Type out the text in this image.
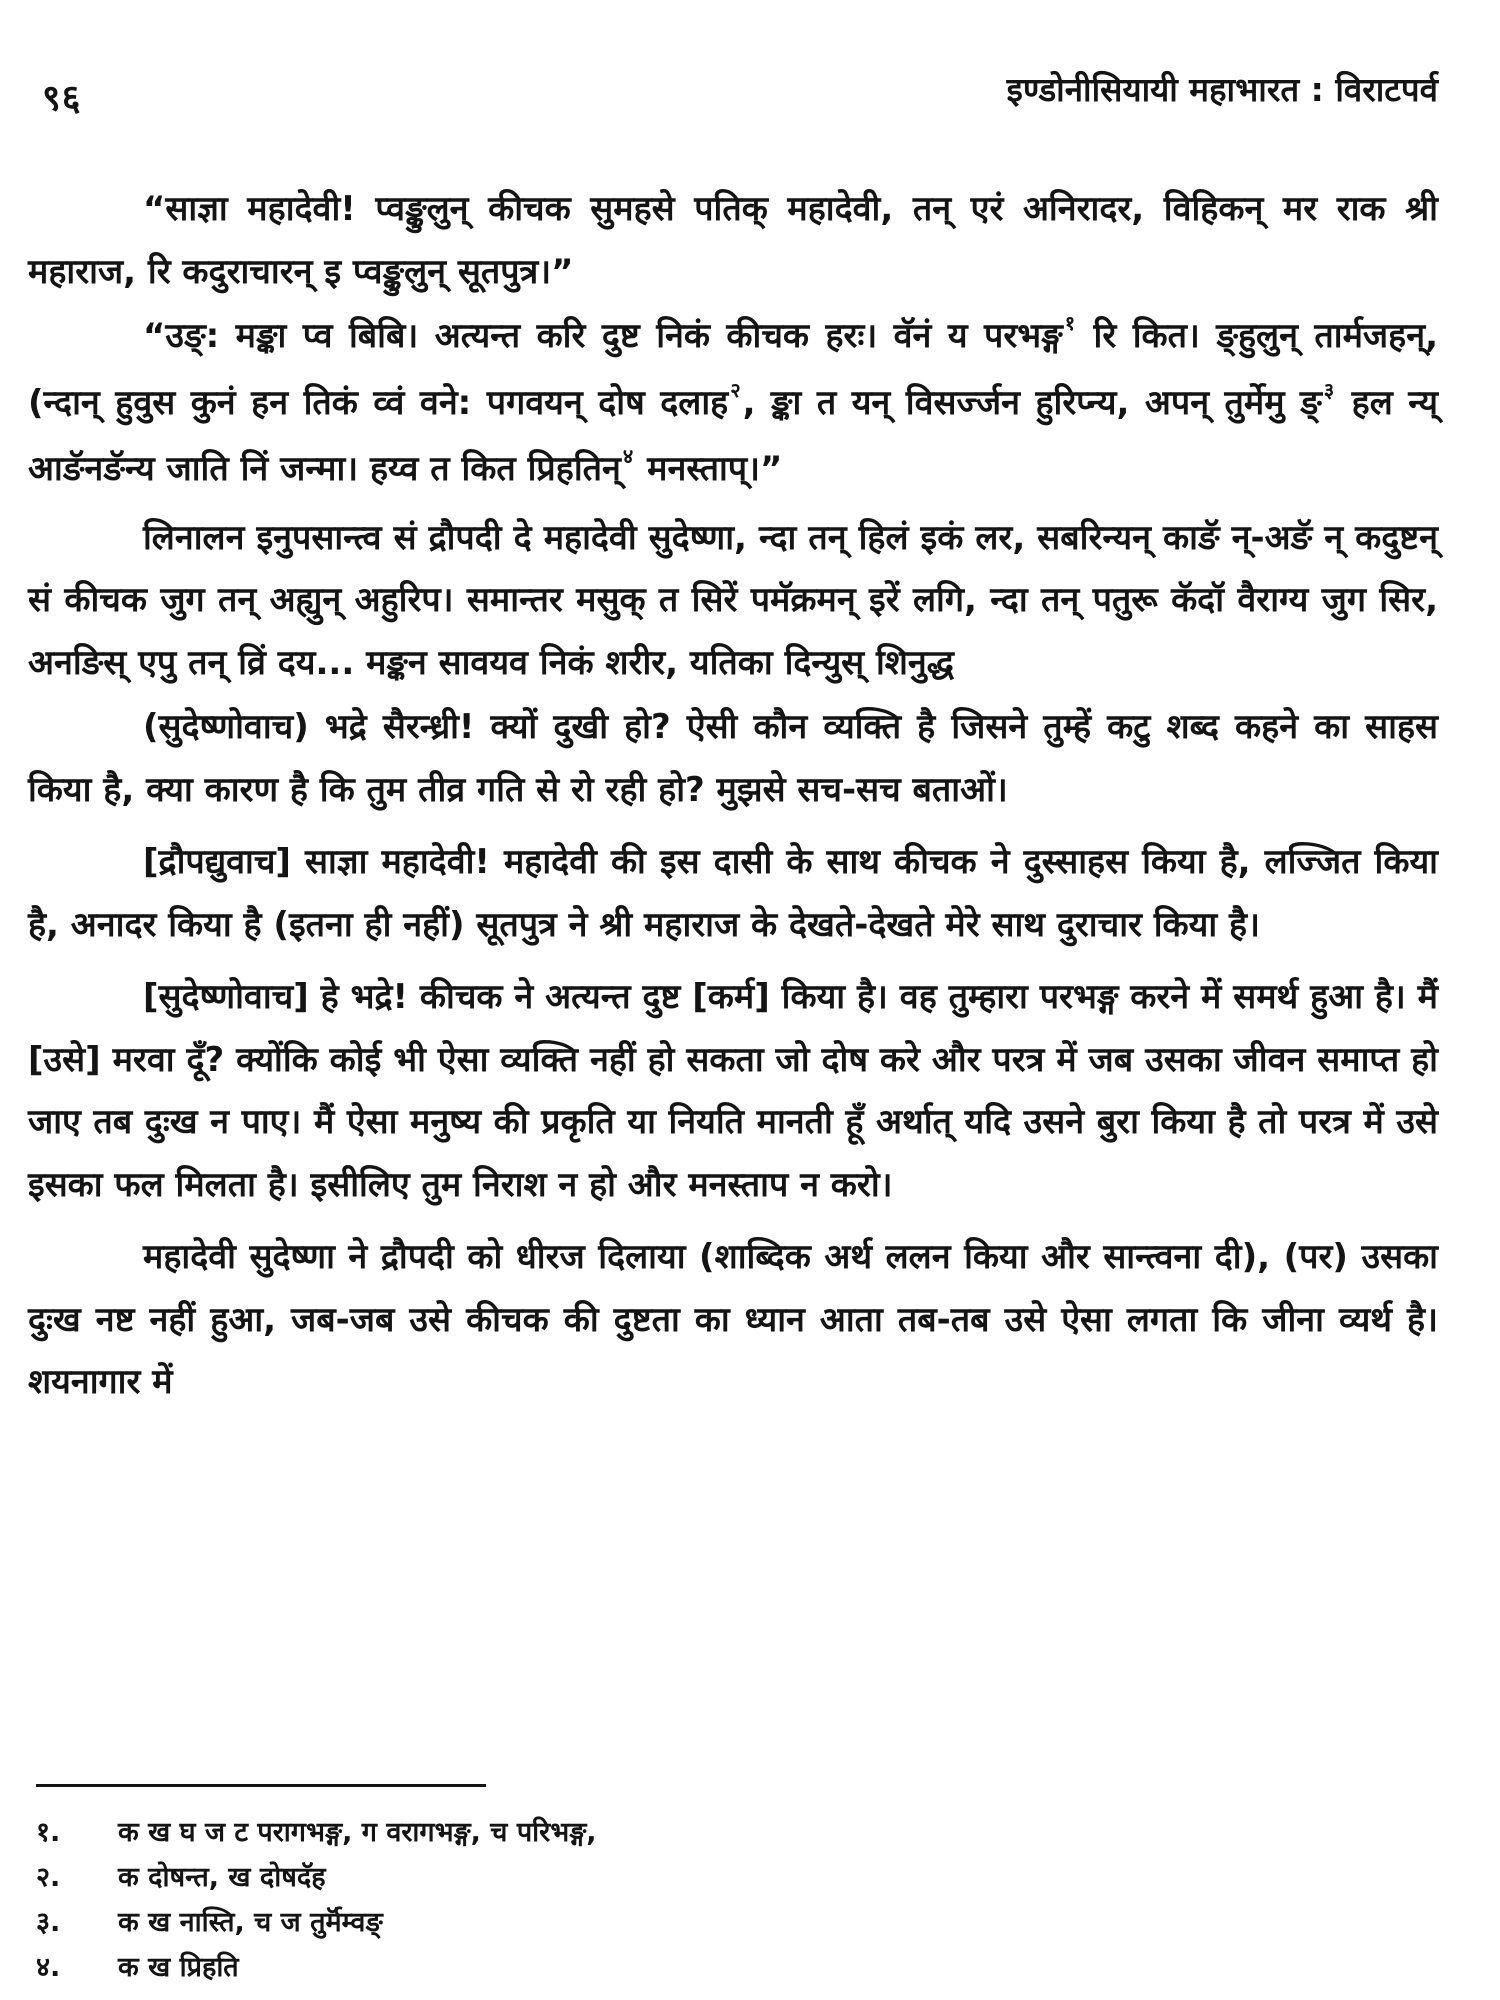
९६	इण्डोनीसियायी महाभारत : विराटपर्व

“साज्ञा महादेवी! प्वङ्कुलुन् कीचक सुमहसे पतिक् महादेवी, तन् एरं अनिरादर, विहिकन् मर राक श्री महाराज, रि कदुराचारन् इ प्वङ्कुलुन् सूतपुत्र।”

“उङ्: मङ्का प्व बिबि। अत्यन्त करि दुष्ट निकं कीचक हरः। वॅनं य परभङ्ग $^१$ रि कित। ङ्हुलुन् तार्मजहन्, (न्दान् हुवुस कुनं हन तिकं व्वं वने: पगवयन् दोष दलाह $^२$, ङ्का त यन् विसर्ज्जन हुरिप्न्य, अपन् तुर्मेमु ङ् $^३$ हल न्य् आङॅनङॅन्य जाति निं जन्मा। हय्व त कित प्रिहतिन् $^४$ मनस्ताप्।”

लिनालन इनुपसान्त्व सं द्रौपदी दे महादेवी सुदेष्णा, न्दा तन् हिलं इकं लर, सबरिन्यन् काङॅ न्-अङॅ न् कदुष्टन् सं कीचक जुग तन् अह्युन् अहुरिप। समान्तर मसुक् त सिरें पमॅक्रमन् इरें लगि, न्दा तन् पतुरू कॅदॉ वैराग्य जुग सिर, अनङिस् एपु तन् व्रिं दय... मङ्कन सावयव निकं शरीर, यतिका दिन्युस् शिनुद्ध

(सुदेष्णोवाच) भद्रे सैरन्ध्री! क्यों दुखी हो? ऐसी कौन व्यक्ति है जिसने तुम्हें कटु शब्द कहने का साहस किया है, क्या कारण है कि तुम तीव्र गति से रो रही हो? मुझसे सच-सच बताओं।

[द्रौपद्युवाच] साज्ञा महादेवी! महादेवी की इस दासी के साथ कीचक ने दुस्साहस किया है, लज्जित किया है, अनादर किया है (इतना ही नहीं) सूतपुत्र ने श्री महाराज के देखते-देखते मेरे साथ दुराचार किया है।

[सुदेष्णोवाच] हे भद्रे! कीचक ने अत्यन्त दुष्ट [कर्म] किया है। वह तुम्हारा परभङ्ग करने में समर्थ हुआ है। मैं [उसे] मरवा दूँ? क्योंकि कोई भी ऐसा व्यक्ति नहीं हो सकता जो दोष करे और परत्र में जब उसका जीवन समाप्त हो जाए तब दुःख न पाए। मैं ऐसा मनुष्य की प्रकृति या नियति मानती हूँ अर्थात् यदि उसने बुरा किया है तो परत्र में उसे इसका फल मिलता है। इसीलिए तुम निराश न हो और मनस्ताप न करो।

महादेवी सुदेष्णा ने द्रौपदी को धीरज दिलाया (शाब्दिक अर्थ ललन किया और सान्त्वना दी), (पर) उसका दुःख नष्ट नहीं हुआ, जब-जब उसे कीचक की दुष्टता का ध्यान आता तब-तब उसे ऐसा लगता कि जीना व्यर्थ है। शयनागार में

१.	क ख घ ज ट परागभङ्ग, ग वरागभङ्ग, च परिभङ्ग,
२.	क दोषन्त, ख दोषदॅह
३.	क ख नास्ति, च ज तुर्मॅम्वङ्
४.	क ख प्रिहति
